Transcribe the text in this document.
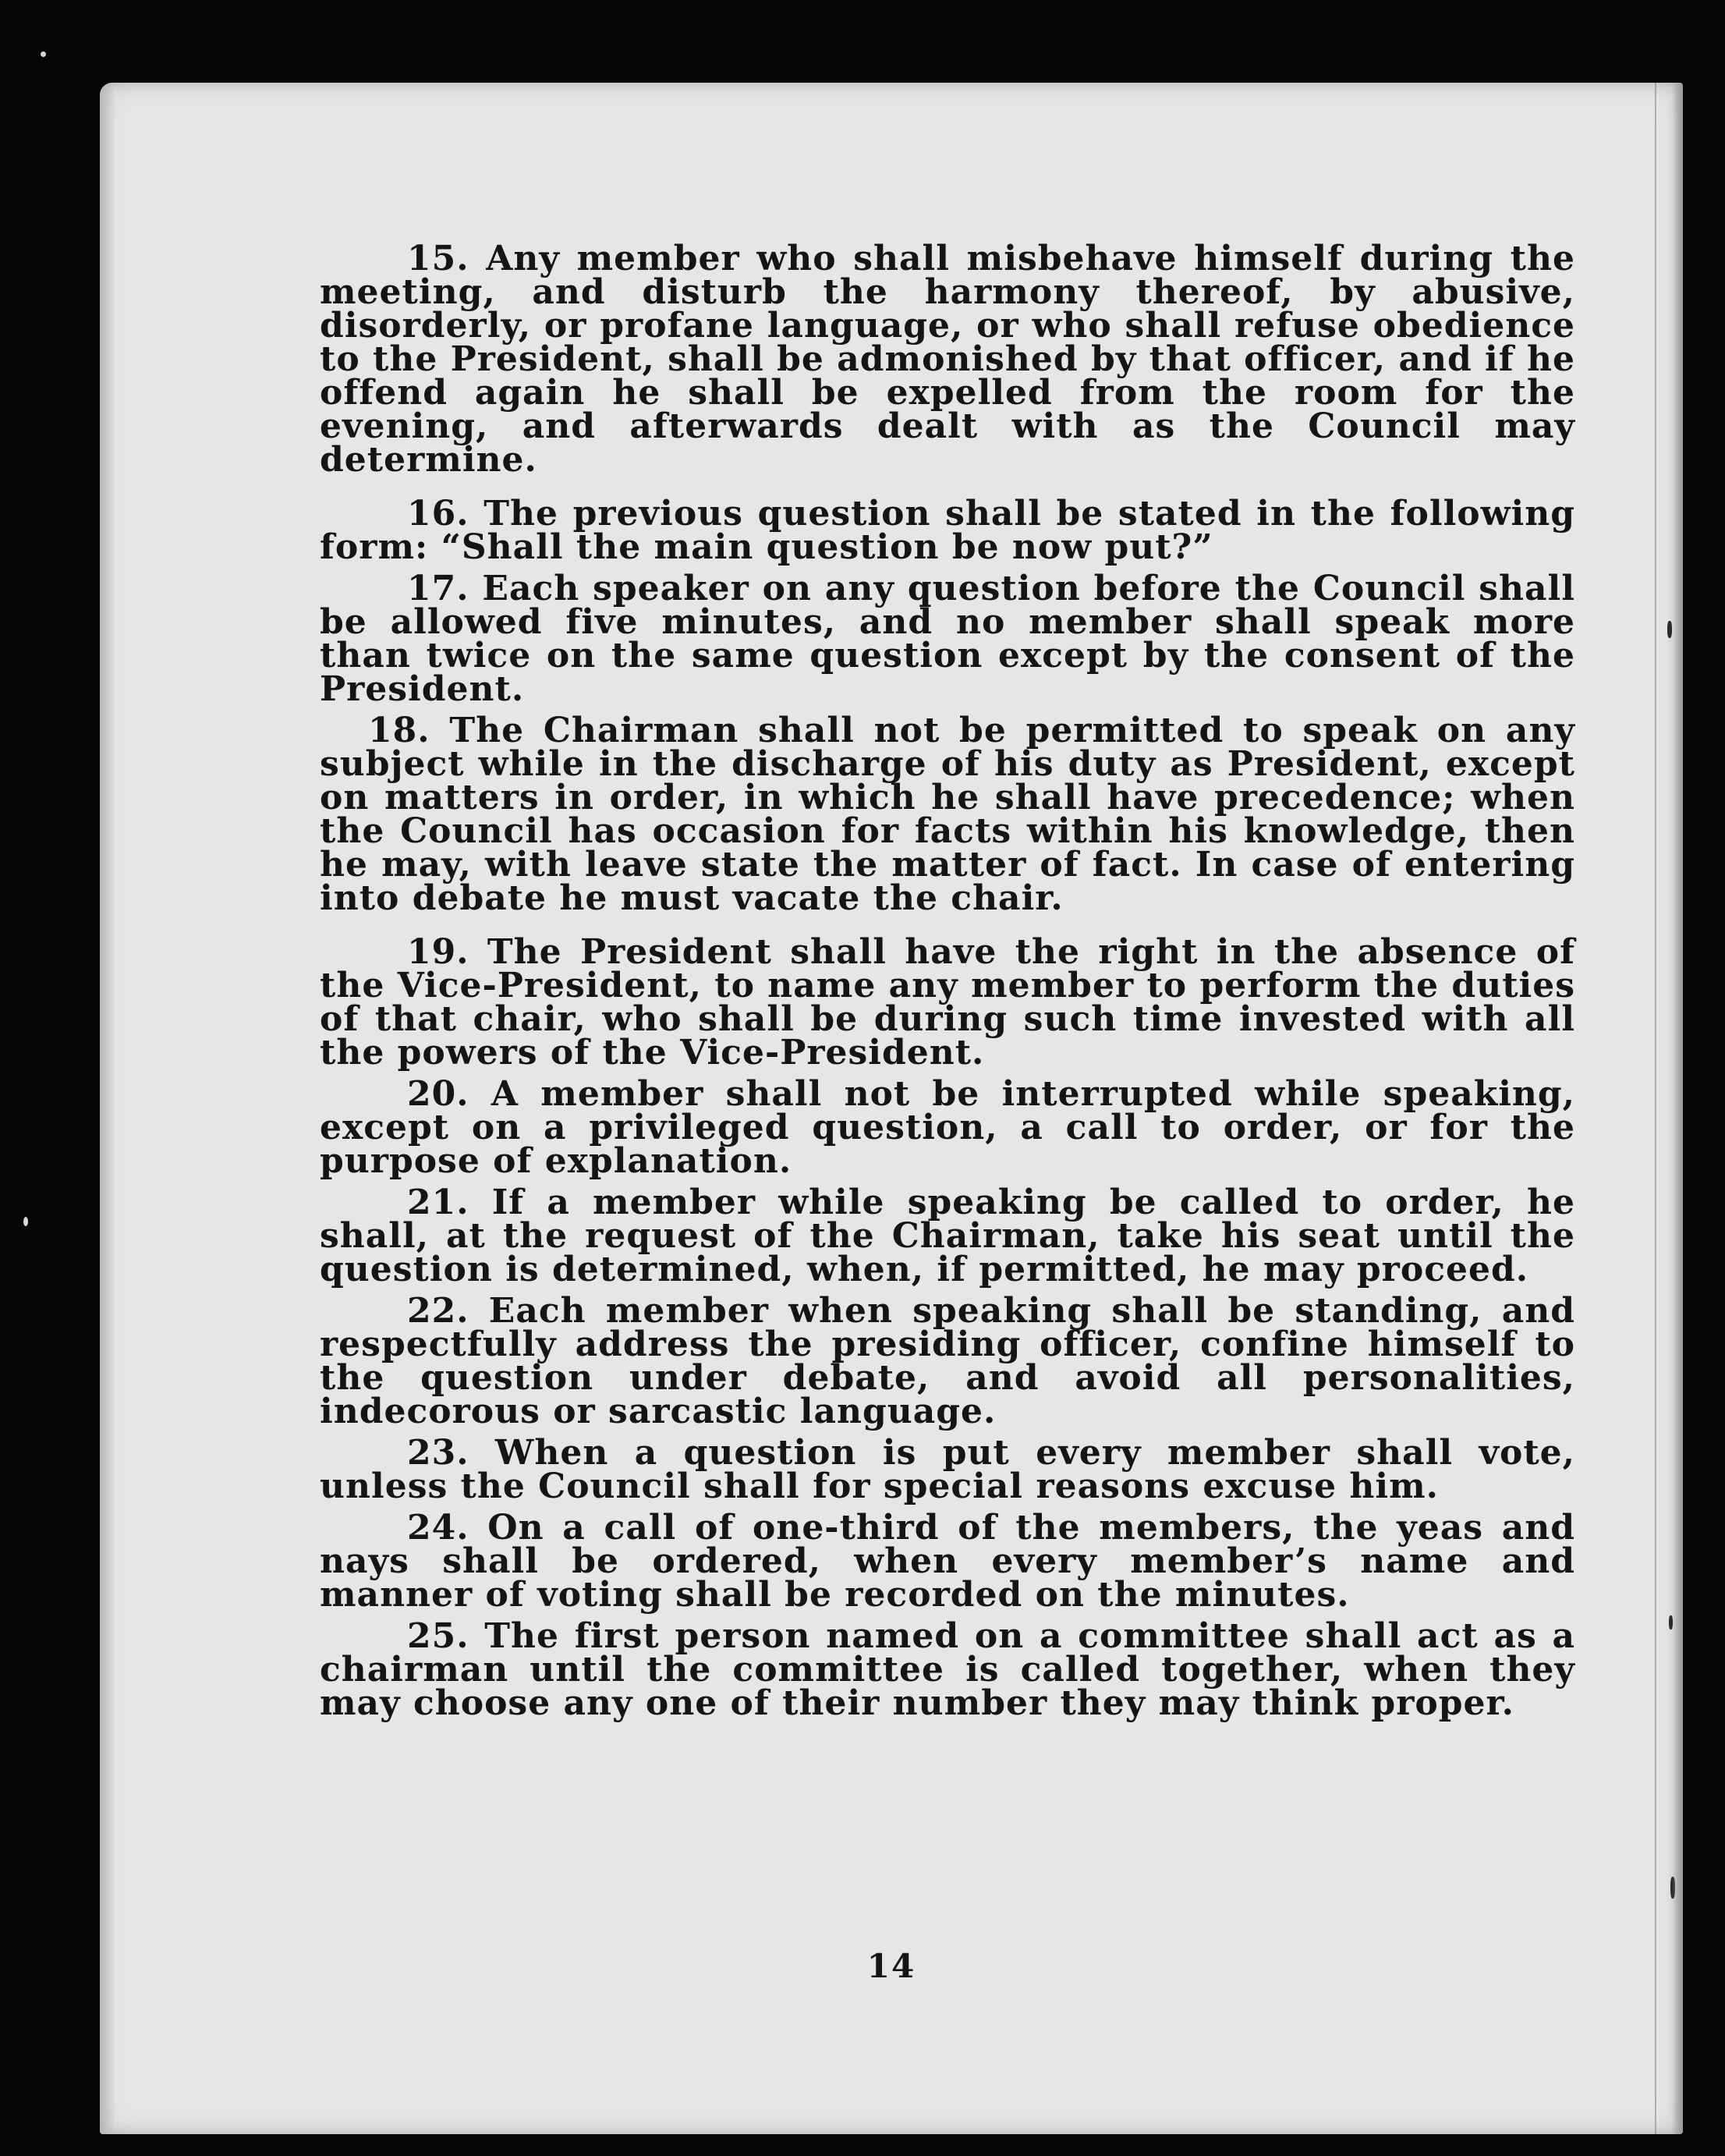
15. Any member who shall misbehave himself during the meeting, and disturb the harmony thereof, by abusive, disorderly, or profane language, or who shall refuse obedience to the President, shall be admonished by that officer, and if he offend again he shall be expelled from the room for the evening, and afterwards dealt with as the Council may determine.

16. The previous question shall be stated in the following form: “Shall the main question be now put?”

17. Each speaker on any question before the Council shall be allowed five minutes, and no member shall speak more than twice on the same question except by the consent of the President.

18. The Chairman shall not be permitted to speak on any subject while in the discharge of his duty as President, except on matters in order, in which he shall have precedence; when the Council has occasion for facts within his knowledge, then he may, with leave state the matter of fact. In case of entering into debate he must vacate the chair.

19. The President shall have the right in the absence of the Vice-President, to name any member to perform the duties of that chair, who shall be during such time invested with all the powers of the Vice-President.

20. A member shall not be interrupted while speaking, except on a privileged question, a call to order, or for the purpose of explanation.

21. If a member while speaking be called to order, he shall, at the request of the Chairman, take his seat until the question is determined, when, if permitted, he may proceed.

22. Each member when speaking shall be standing, and respectfully address the presiding officer, confine himself to the question under debate, and avoid all personalities, indecorous or sarcastic language.

23. When a question is put every member shall vote, unless the Council shall for special reasons excuse him.

24. On a call of one-third of the members, the yeas and nays shall be ordered, when every member’s name and manner of voting shall be recorded on the minutes.

25. The first person named on a committee shall act as a chairman until the committee is called together, when they may choose any one of their number they may think proper.

14
